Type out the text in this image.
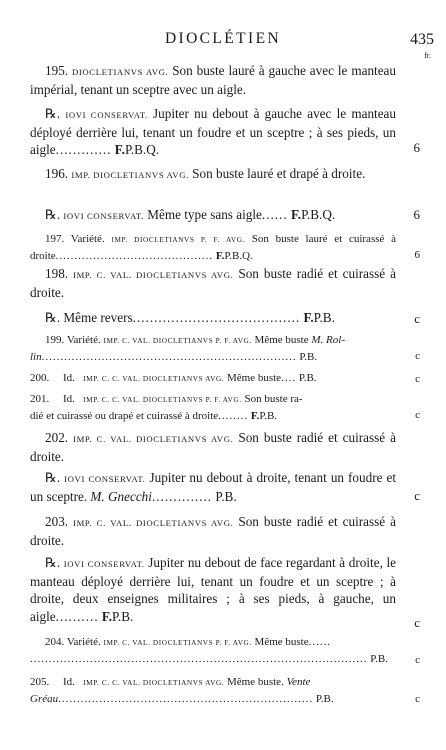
DIOCLÉTIEN	435
fr.

195. DIOCLETIANVS AVG. Son buste lauré à gauche avec le manteau impérial, tenant un sceptre avec un aigle.

℞. IOVI CONSERVAT. Jupiter nu debout à gauche avec le manteau déployé derrière lui, tenant un foudre et un sceptre ; à ses pieds, un aigle............. F.P.B.Q.	6

196. IMP. DIOCLETIANVS AVG. Son buste lauré et drapé à droite.

℞. IOVI CONSERVAT. Même type sans aigle...... F.P.B.Q.	6

197. Variété. IMP. DIOCLETIANVS P. F. AVG. Son buste lauré et cuirassé à droite.......................................... F.P.B.Q.	6

198. IMP. C. VAL. DIOCLETIANVS AVG. Son buste radié et cuirassé à droite.

℞. Même revers....................................... F.P.B.	c

199. Variété. IMP. C. VAL. DIOCLETIANVS P. F. AVG. Même buste M. Rol-

lin.................................................................... P.B.	c

200. Id. IMP. C. C. VAL. DIOCLETIANVS AVG. Même buste.... P.B.	c

201. Id. IMP. C. C. VAL. DIOCLETIANVS P. F. AVG. Son buste ra-

dié et cuirassé ou drapé et cuirassé à droite........ F.P.B.	c

202. IMP. C. VAL. DIOCLETIANVS AVG. Son buste radié et cuirassé à droite.

℞. IOVI CONSERVAT. Jupiter nu debout à droite, tenant un foudre et un sceptre. M. Gnecchi.............. P.B.	c

203. IMP. C. VAL. DIOCLETIANVS AVG. Son buste radié et cuirassé à droite.

℞. IOVI CONSERVAT. Jupiter nu debout de face regardant à droite, le manteau déployé derrière lui, tenant un foudre et un sceptre ; à droite, deux enseignes militaires ; à ses pieds, à gauche, un aigle.......... F.P.B.	c

204. Variété. IMP. C. VAL. DIOCLETIANVS P. F. AVG. Même buste......

.......................................................................................... P.B.	c

205. Id. IMP. C. C. VAL. DIOCLETIANVS AVG. Même buste. Vente

Gréau.................................................................... P.B.	c
